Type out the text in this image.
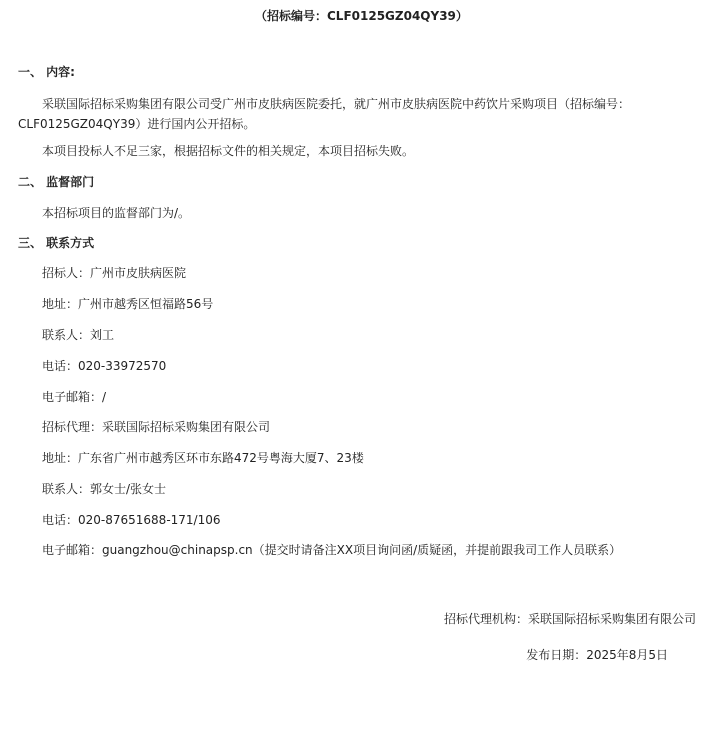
（招标编号：CLF0125GZ04QY39）
一、 内容:
采联国际招标采购集团有限公司受广州市皮肤病医院委托，就广州市皮肤病医院中药饮片采购项目（招标编号：CLF0125GZ04QY39）进行国内公开招标。
本项目投标人不足三家，根据招标文件的相关规定，本项目招标失败。
二、 监督部门
本招标项目的监督部门为/。
三、 联系方式
招标人：广州市皮肤病医院
地址：广州市越秀区恒福路56号
联系人：刘工
电话：020-33972570
电子邮箱：/
招标代理：采联国际招标采购集团有限公司
地址：广东省广州市越秀区环市东路472号粤海大厦7、23楼
联系人：郭女士/张女士
电话：020-87651688-171/106
电子邮箱：guangzhou@chinapsp.cn（提交时请备注XX项目询问函/质疑函，并提前跟我司工作人员联系）
招标代理机构：采联国际招标采购集团有限公司
发布日期：2025年8月5日
